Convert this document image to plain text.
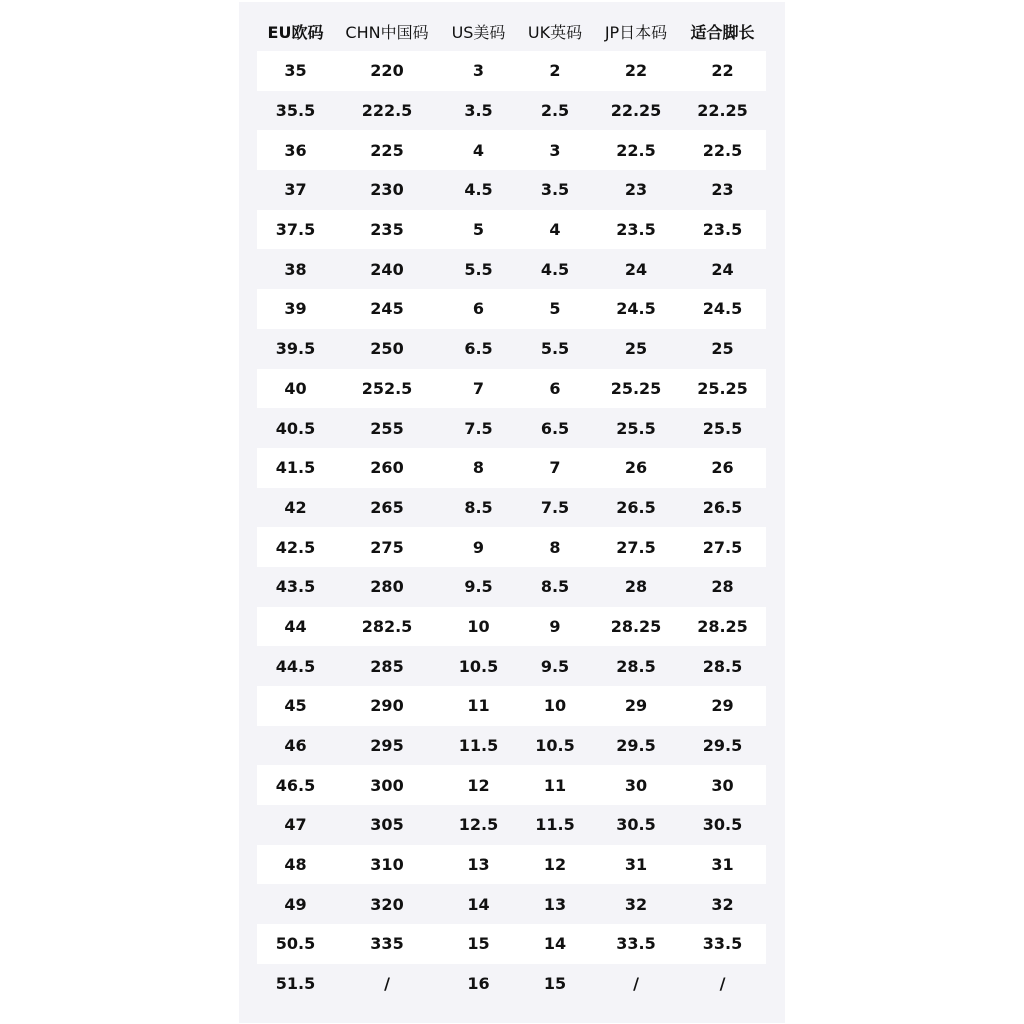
EU欧码	CHN中国码	US美码	UK英码	JP日本码	适合脚长
35	220	3	2	22	22
35.5	222.5	3.5	2.5	22.25	22.25
36	225	4	3	22.5	22.5
37	230	4.5	3.5	23	23
37.5	235	5	4	23.5	23.5
38	240	5.5	4.5	24	24
39	245	6	5	24.5	24.5
39.5	250	6.5	5.5	25	25
40	252.5	7	6	25.25	25.25
40.5	255	7.5	6.5	25.5	25.5
41.5	260	8	7	26	26
42	265	8.5	7.5	26.5	26.5
42.5	275	9	8	27.5	27.5
43.5	280	9.5	8.5	28	28
44	282.5	10	9	28.25	28.25
44.5	285	10.5	9.5	28.5	28.5
45	290	11	10	29	29
46	295	11.5	10.5	29.5	29.5
46.5	300	12	11	30	30
47	305	12.5	11.5	30.5	30.5
48	310	13	12	31	31
49	320	14	13	32	32
50.5	335	15	14	33.5	33.5
51.5	/	16	15	/	/
